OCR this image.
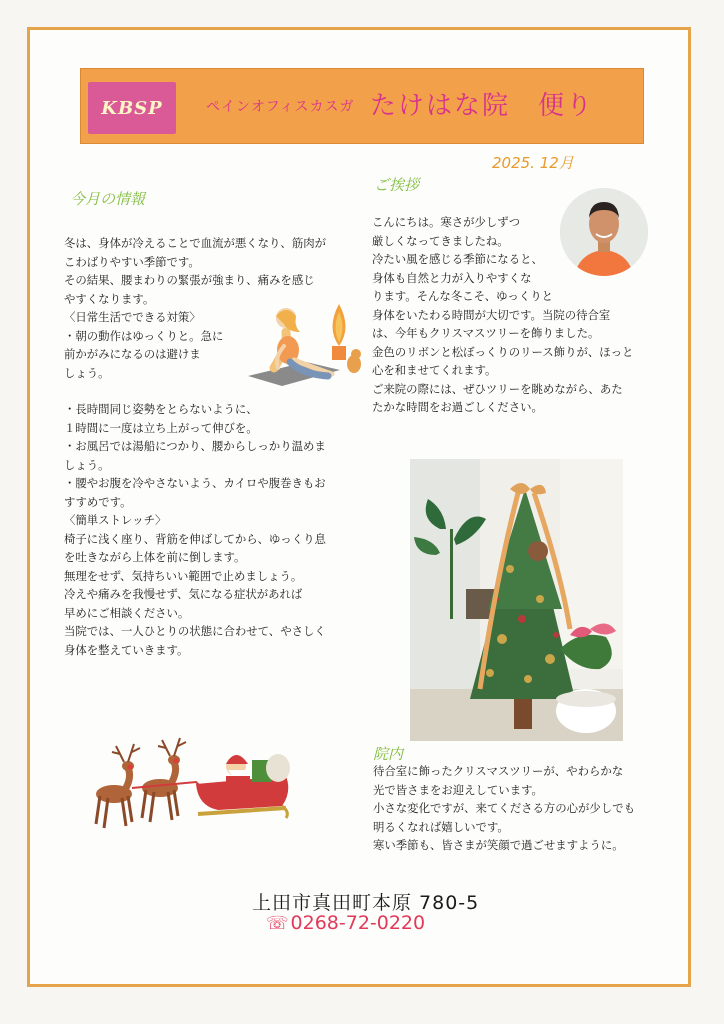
KBSP	ペインオフィスカスガ たけはな院　便り
2025. 12月
今月の情報
冬は、身体が冷えることで血流が悪くなり、筋肉が
こわばりやすい季節です。
その結果、腰まわりの緊張が強まり、痛みを感じ
やすくなります。
〈日常生活でできる対策〉
・朝の動作はゆっくりと。急に
前かがみになるのは避けま
しょう。
・長時間同じ姿勢をとらないように、
１時間に一度は立ち上がって伸びを。
・お風呂では湯船につかり、腰からしっかり温めま
しょう。
・腰やお腹を冷やさないよう、カイロや腹巻きもお
すすめです。
〈簡単ストレッチ〉
椅子に浅く座り、背筋を伸ばしてから、ゆっくり息
を吐きながら上体を前に倒します。
無理をせず、気持ちいい範囲で止めましょう。
冷えや痛みを我慢せず、気になる症状があれば
早めにご相談ください。
当院では、一人ひとりの状態に合わせて、やさしく
身体を整えていきます。
ご挨拶
こんにちは。寒さが少しずつ
厳しくなってきましたね。
冷たい風を感じる季節になると、
身体も自然と力が入りやすくな
ります。そんな冬こそ、ゆっくりと
身体をいたわる時間が大切です。当院の待合室
は、今年もクリスマスツリーを飾りました。
金色のリボンと松ぼっくりのリース飾りが、ほっと
心を和ませてくれます。
ご来院の際には、ぜひツリーを眺めながら、あた
たかな時間をお過ごしください。
院内
待合室に飾ったクリスマスツリーが、やわらかな
光で皆さまをお迎えしています。
小さな変化ですが、来てくださる方の心が少しでも
明るくなれば嬉しいです。
寒い季節も、皆さまが笑顔で過ごせますように。
上田市真田町本原 780-5
☏ 0268-72-0220
